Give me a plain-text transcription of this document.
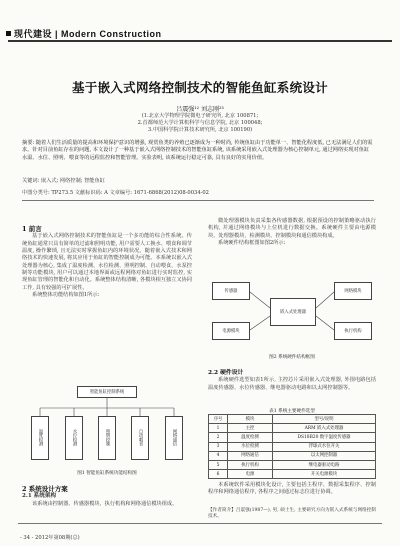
现代建设 | Modern Construction
基于嵌入式网络控制技术的智能鱼缸系统设计
吕震强¹² 刘志刚²³
(1.北京大学物理学院微电子研究所, 北京 100871;
2.首都师范大学计算机科学与信息学院, 北京 100048;
3.中国科学院计算技术研究所, 北京 100190)
摘要: 随着人们生活质量的提高和环境保护意识的增强, 观赏鱼类的养殖已逐渐成为一种时尚, 传统鱼缸由于功能单一、智能化程度低, 已无法满足人们的需求。针对目前鱼缸存在的问题, 本文设计了一种基于嵌入式网络控制技术的智能鱼缸系统, 该系统采用嵌入式处理器为核心控制单元, 通过网络实现对鱼缸水温、水位、照明、喂食等的远程监控和智能管理。实验表明, 该系统运行稳定可靠, 具有良好的实用价值。
关键词: 嵌入式; 网络控制; 智能鱼缸
中图分类号: TP273.5 文献标识码: A 文章编号: 1671-6868(2012)08-0034-02
1 前言
基于嵌入式网络控制技术的智能鱼缸是一个多功能的综合性系统。传统鱼缸通常只具有简单的过滤和照明功能, 用户需要人工换水、喂食和调节温度, 操作繁琐, 且无法实时掌握鱼缸内的环境状况。随着嵌入式技术和网络技术的快速发展, 将其应用于鱼缸的智能控制成为可能。本系统以嵌入式处理器为核心, 集成了温度检测、水位检测、照明控制、自动喂食、水泵控制等功能模块, 用户可以通过本地界面或远程网络对鱼缸进行实时监控, 实现鱼缸管理的智能化和自动化。系统整体结构清晰, 各模块相互独立又协同工作, 具有较强的可扩展性。
系统整体功能结构如图1所示:
智能鱼缸控制系统
温度检测	水位检测	照明控制	自动喂食	网络通信
图1 智能鱼缸系统功能结构图
2 系统设计方案
2.1 系统架构
该系统由控制器、传感器模块、执行机构和网络通信模块组成。
微处理器模块负责采集各传感器数据, 根据预设的控制策略驱动执行机构, 并通过网络模块与上位机进行数据交换。系统硬件主要由电源模块、处理器模块、检测模块、控制模块和通信模块构成。
系统硬件结构框图如图2所示:
传感器
电源模块
嵌入式处理器
网络模块
执行机构
图2 系统硬件结构框图
2.2 硬件设计
系统硬件选型如表1所示, 主控芯片采用嵌入式处理器, 外围电路包括温度传感器、水位传感器、继电器驱动电路和以太网控制器等。
表1 系统主要硬件选型
序号	模块	型号/说明
1	主控	ARM 嵌入式处理器
2	温度检测	DS18B20 数字温度传感器
3	水位检测	浮球式水位开关
4	网络通信	以太网控制器
5	执行机构	继电器驱动电路
6	电源	开关电源模块
本系统软件采用模块化设计, 主要包括主程序、数据采集程序、控制程序和网络通信程序, 各程序之间通过标志位进行协调。
【作者简介】吕震强(1987—), 男, 硕士生, 主要研究方向为嵌入式系统与网络控制技术。
- 34 - 2012年第08期(总)
